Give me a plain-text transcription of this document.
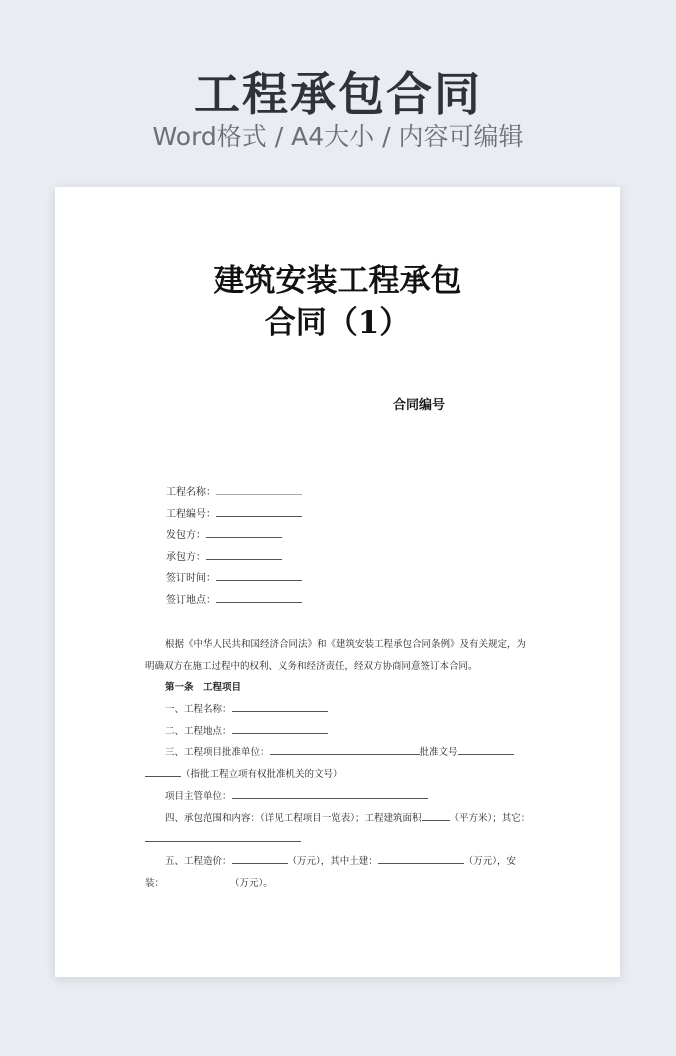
工程承包合同
Word格式 / A4大小 / 内容可编辑
建筑安装工程承包
合同（1）
合同编号
工程名称：
工程编号：
发包方：
承包方：
签订时间：
签订地点：
根据《中华人民共和国经济合同法》和《建筑安装工程承包合同条例》及有关规定，为
明确双方在施工过程中的权利、义务和经济责任，经双方协商同意签订本合同。
第一条　工程项目
一、工程名称：
二、工程地点：
三、工程项目批准单位：	批准文号
（指批工程立项有权批准机关的文号）
项目主管单位：
四、承包范围和内容：（详见工程项目一览表）；工程建筑面积	（平方米）；其它：
五、工程造价：	（万元），其中土建：	（万元），安
装：	（万元）。
